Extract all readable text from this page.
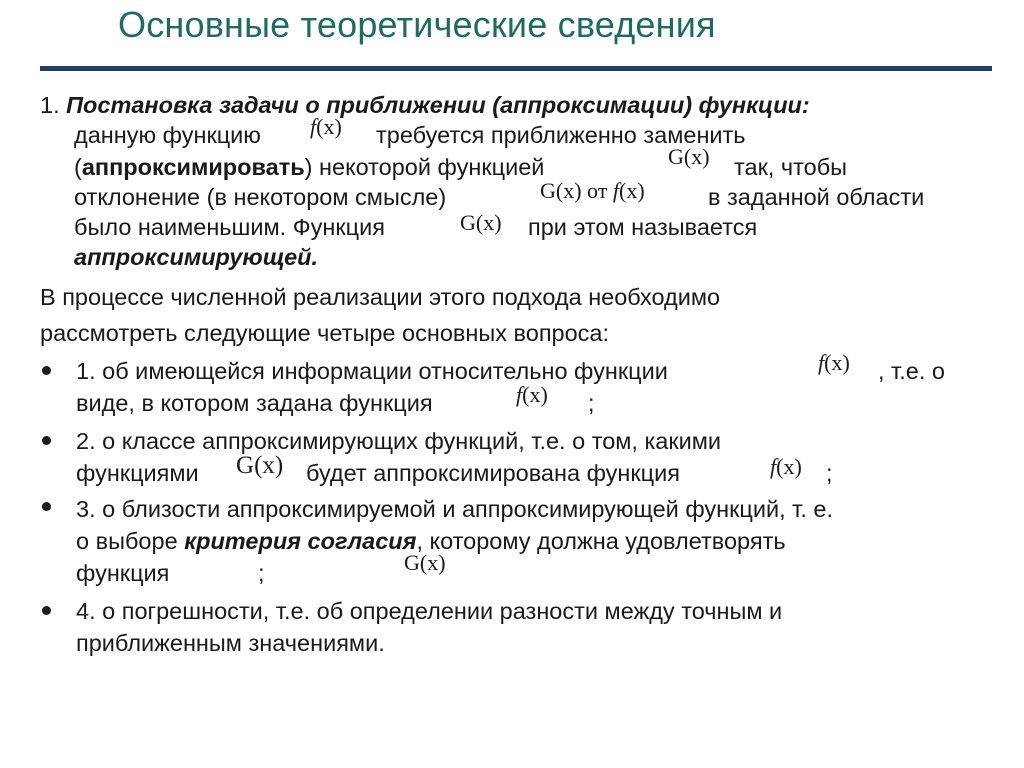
Основные теоретические сведения
1. Постановка задачи о приближении (аппроксимации) функции:
данную функцию f(x) требуется приближенно заменить
(аппроксимировать) некоторой функцией	G(x) так, чтобы
отклонение (в некотором смысле)	G(x) от f(x)	в заданной области
было наименьшим. Функция	G(x) при этом называется
аппроксимирующей.
В процессе численной реализации этого подхода необходимо
рассмотреть следующие четыре основных вопроса:
1. об имеющейся информации относительно функции	f(x) , т.е. о
виде, в котором задана функция	f(x) ;
2. о классе аппроксимирующих функций, т.е. о том, какими
функциями G(x) будет аппроксимирована функция	f(x) ;
3. о близости аппроксимируемой и аппроксимирующей функций, т. е.
о выборе критерия согласия, которому должна удовлетворять
функция	G(x)
;
4. о погрешности, т.е. об определении разности между точным и
приближенным значениями.
